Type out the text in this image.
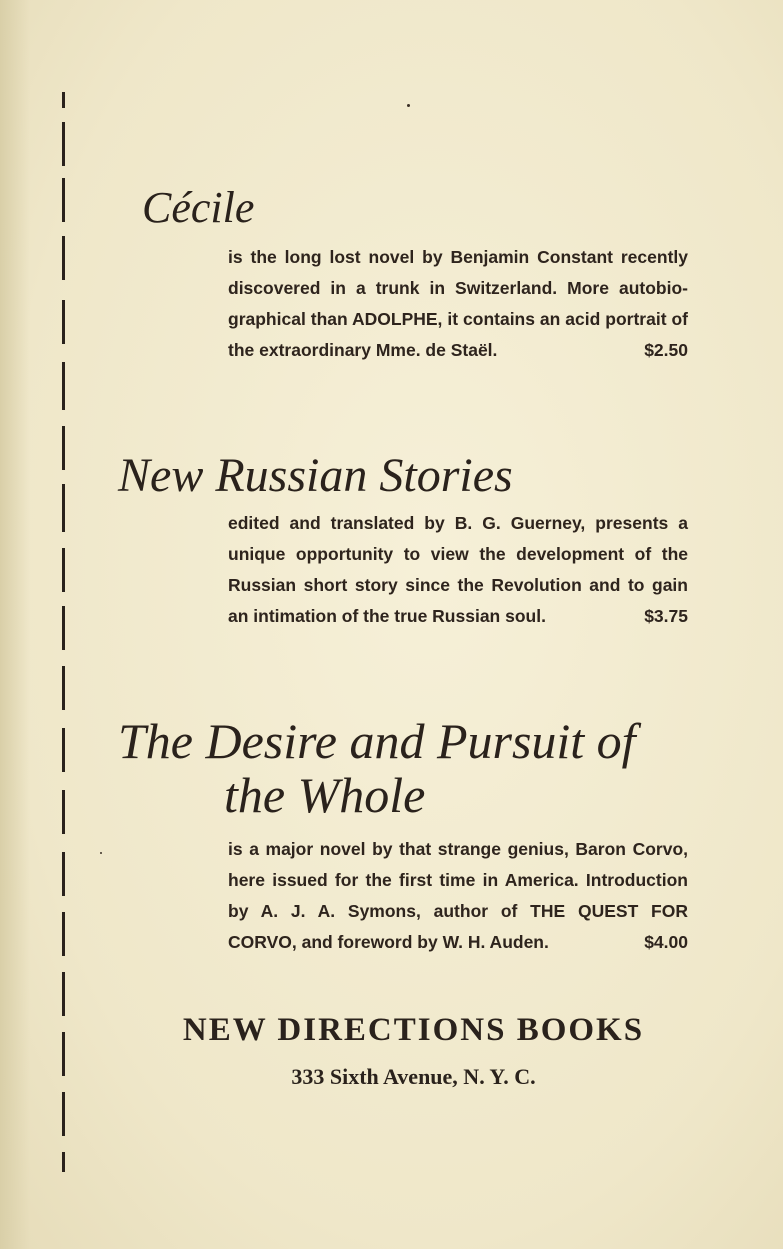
Cécile
is the long lost novel by Benjamin Constant recently discovered in a trunk in Switzerland. More autobiographical than ADOLPHE, it contains an acid portrait of the extraordinary Mme. de Staël.	$2.50
New Russian Stories
edited and translated by B. G. Guerney, presents a unique opportunity to view the development of the Russian short story since the Revolution and to gain an intimation of the true Russian soul.	$3.75
The Desire and Pursuit of
the Whole
is a major novel by that strange genius, Baron Corvo, here issued for the first time in America. Introduction by A. J. A. Symons, author of THE QUEST FOR CORVO, and foreword by W. H. Auden.	$4.00
NEW DIRECTIONS BOOKS
333 Sixth Avenue, N. Y. C.
